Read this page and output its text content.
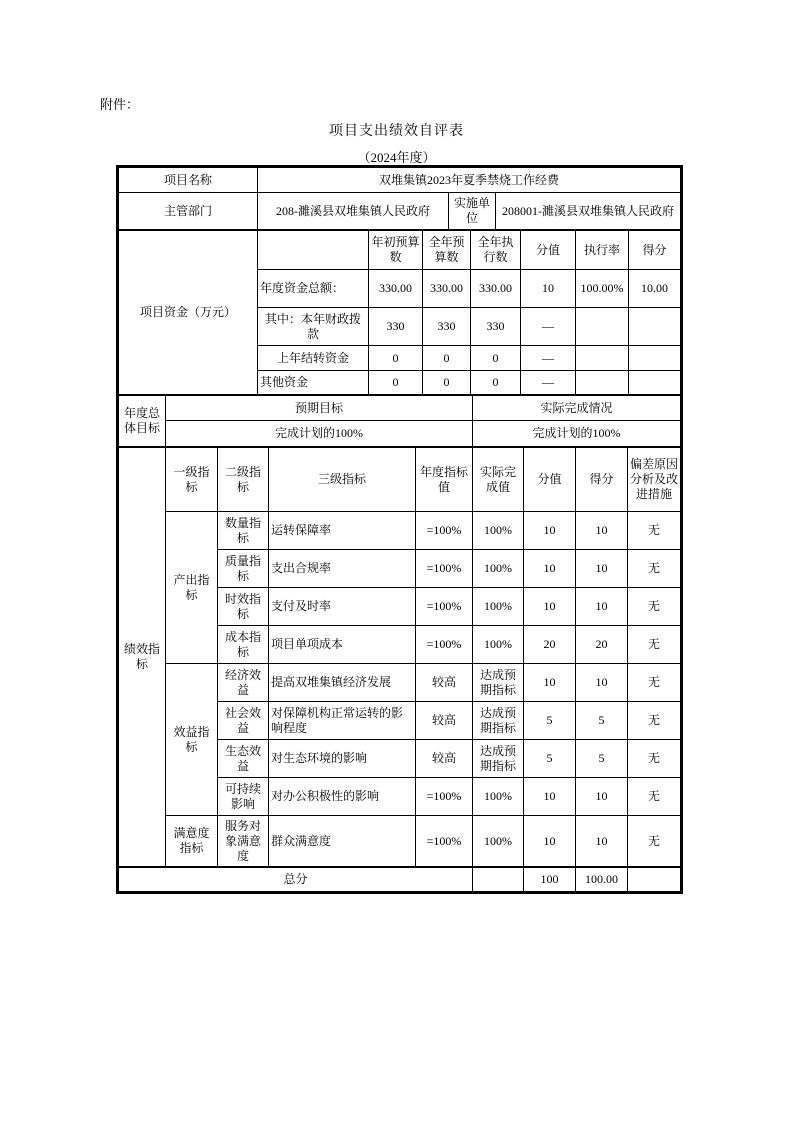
附件：
项目支出绩效自评表
（2024年度）
项目名称	双堆集镇2023年夏季禁烧工作经费		
主管部门	208-濉溪县双堆集镇人民政府	实施单位	208001-濉溪县双堆集镇人民政府
项目资金（万元）		年初预算数	全年预算数	全年执行数	分值	执行率	得分
	年度资金总额：	330.00	330.00	330.00	10	100.00%	10.00
	其中：本年财政拨款	330	330	330	—		
	上年结转资金	0	0	0	—		
	其他资金	0	0	0	—		
年度总体目标	预期目标	实际完成情况
	完成计划的100%	完成计划的100%
绩效指标	一级指标	二级指标	三级指标	年度指标值	实际完成值	分值	得分	偏差原因分析及改进措施
	产出指标	数量指标	运转保障率	=100%	100%	10	10	无
		质量指标	支出合规率	=100%	100%	10	10	无
		时效指标	支付及时率	=100%	100%	10	10	无
		成本指标	项目单项成本	=100%	100%	20	20	无
	效益指标	经济效益	提高双堆集镇经济发展	较高	达成预期指标	10	10	无
		社会效益	对保障机构正常运转的影响程度	较高	达成预期指标	5	5	无
		生态效益	对生态环境的影响	较高	达成预期指标	5	5	无
		可持续影响	对办公积极性的影响	=100%	100%	10	10	无
	满意度指标	服务对象满意度	群众满意度	=100%	100%	10	10	无
总分		100	100.00	
